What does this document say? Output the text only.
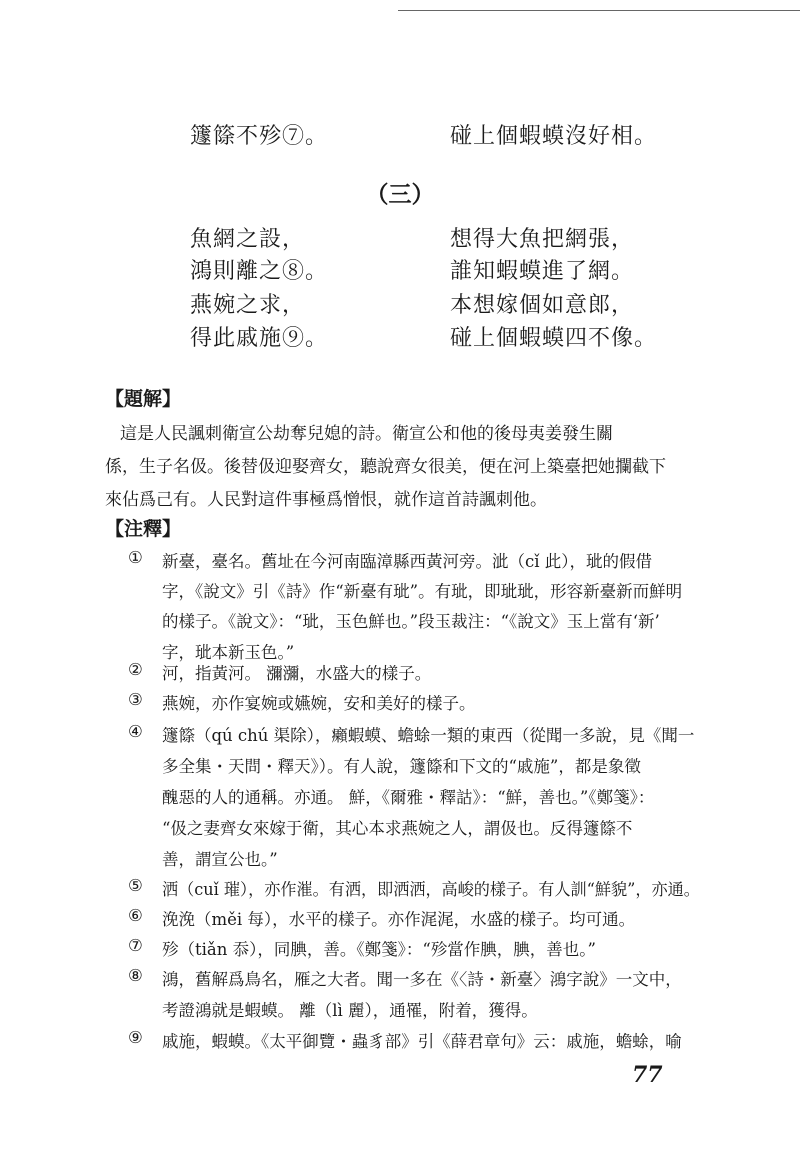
籧篨不殄⑦。	碰上個蝦蟆沒好相。
（三）
魚網之設，	想得大魚把網張，
鴻則離之⑧。	誰知蝦蟆進了網。
燕婉之求，	本想嫁個如意郎，
得此戚施⑨。	碰上個蝦蟆四不像。
【題解】
這是人民諷刺衛宣公劫奪兒媳的詩。衛宣公和他的後母夷姜發生關
係，生子名伋。後替伋迎娶齊女，聽說齊女很美，便在河上築臺把她攔截下
來佔爲己有。人民對這件事極爲憎恨，就作這首詩諷刺他。
【注釋】
①	新臺，臺名。舊址在今河南臨漳縣西黃河旁。泚（cǐ 此），玼的假借
字，《說文》引《詩》作“新臺有玼”。有玼，即玼玼，形容新臺新而鮮明
的樣子。《說文》：“玼，玉色鮮也。”段玉裁注：“《說文》玉上當有‘新’
字，玼本新玉色。”
②	河，指黃河。 瀰瀰，水盛大的樣子。
③	燕婉，亦作宴婉或嬿婉，安和美好的樣子。
④	籧篨（qú chú 渠除），癩蝦蟆、蟾蜍一類的東西（從聞一多說，見《聞一
多全集・天問・釋天》）。有人說，籧篨和下文的“戚施”，都是象徵
醜惡的人的通稱。亦通。 鮮，《爾雅・釋詁》：“鮮，善也。”《鄭箋》：
“伋之妻齊女來嫁于衛，其心本求燕婉之人，謂伋也。反得籧篨不
善，謂宣公也。”
⑤	洒（cuǐ 璀），亦作漼。有洒，即洒洒，高峻的樣子。有人訓“鮮貌”，亦通。
⑥	浼浼（měi 每），水平的樣子。亦作浘浘，水盛的樣子。均可通。
⑦	殄（tiǎn 忝），同腆，善。《鄭箋》：“殄當作腆，腆，善也。”
⑧	鴻，舊解爲鳥名，雁之大者。聞一多在《〈詩・新臺〉鴻字說》一文中，
考證鴻就是蝦蟆。 離（lì 麗），通罹，附着，獲得。
⑨	戚施，蝦蟆。《太平御覽・蟲豸部》引《薛君章句》云：戚施，蟾蜍，喻
77
